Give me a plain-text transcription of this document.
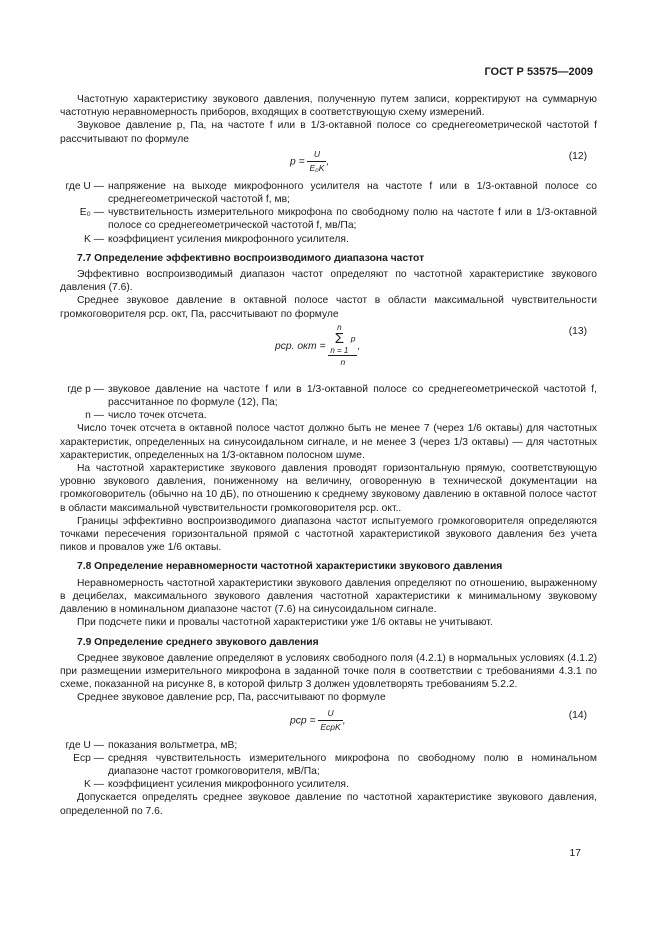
ГОСТ Р 53575—2009

Частотную характеристику звукового давления, полученную путем записи, корректируют на суммарную частотную неравномерность приборов, входящих в соответствующую схему измерений.

Звуковое давление p, Па, на частоте f или в 1/3-октавной полосе со среднегеометрической частотой f рассчитывают по формуле

$p = \frac{U}{\text{E₀K}}$ ,	(12)
где U — напряжение на выходе микрофонного усилителя на частоте f или в 1/3-октавной полосе со среднегеометрической частотой f, мв;
E₀ — чувствительность измерительного микрофона по свободному полю на частоте f или в 1/3-октавной полосе со среднегеометрической частотой f, мв/Па;
K — коэффициент усиления микрофонного усилителя.
7.7 Определение эффективно воспроизводимого диапазона частот

Эффективно воспроизводимый диапазон частот определяют по частотной характеристике звукового давления (7.6).

Среднее звуковое давление в октавной полосе частот в области максимальной чувствительности громкоговорителя pср. окт, Па, рассчитывают по формуле

pср. окт =
n
Σ
n = 1
p
n
,
(13)
где p — звуковое давление на частоте f или в 1/3-октавной полосе со среднегеометрической частотой f, рассчитанное по формуле (12), Па;
n — число точек отсчета.

Число точек отсчета в октавной полосе частот должно быть не менее 7 (через 1/6 октавы) для частотных характеристик, определенных на синусоидальном сигнале, и не менее 3 (через 1/3 октавы) — для частотных характеристик, определенных на 1/3-октавном полосном шуме.

На частотной характеристике звукового давления проводят горизонтальную прямую, соответствующую уровню звукового давления, пониженному на величину, оговоренную в технической документации на громкоговоритель (обычно на 10 дБ), по отношению к среднему звуковому давлению в октавной полосе частот в области максимальной чувствительности громкоговорителя pср. окт..

Границы эффективно воспроизводимого диапазона частот испытуемого громкоговорителя определяются точками пересечения горизонтальной прямой с частотной характеристикой звукового давления без учета пиков и провалов уже 1/6 октавы.

7.8 Определение неравномерности частотной характеристики звукового давления

Неравномерность частотной характеристики звукового давления определяют по отношению, выраженному в децибелах, максимального звукового давления частотной характеристики к минимальному звуковому давлению в номинальном диапазоне частот (7.6) на синусоидальном сигнале.

При подсчете пики и провалы частотной характеристики уже 1/6 октавы не учитывают.

7.9 Определение среднего звукового давления

Среднее звуковое давление определяют в условиях свободного поля (4.2.1) в нормальных условиях (4.1.2) при размещении измерительного микрофона в заданной точке поля в соответствии с требованиями 4.3.1 по схеме, показанной на рисунке 8, в которой фильтр 3 должен удовлетворять требованиям 5.2.2.

Среднее звуковое давление pср, Па, рассчитывают по формуле

pср = $\frac{U}{\text{EсрK}}$ ,	(14)
где U — показания вольтметра, мВ;
Eср — средняя чувствительность измерительного микрофона по свободному полю в номинальном диапазоне частот громкоговорителя, мВ/Па;
K — коэффициент усиления микрофонного усилителя.

Допускается определять среднее звуковое давление по частотной характеристике звукового давления, определенной по 7.6.

17
